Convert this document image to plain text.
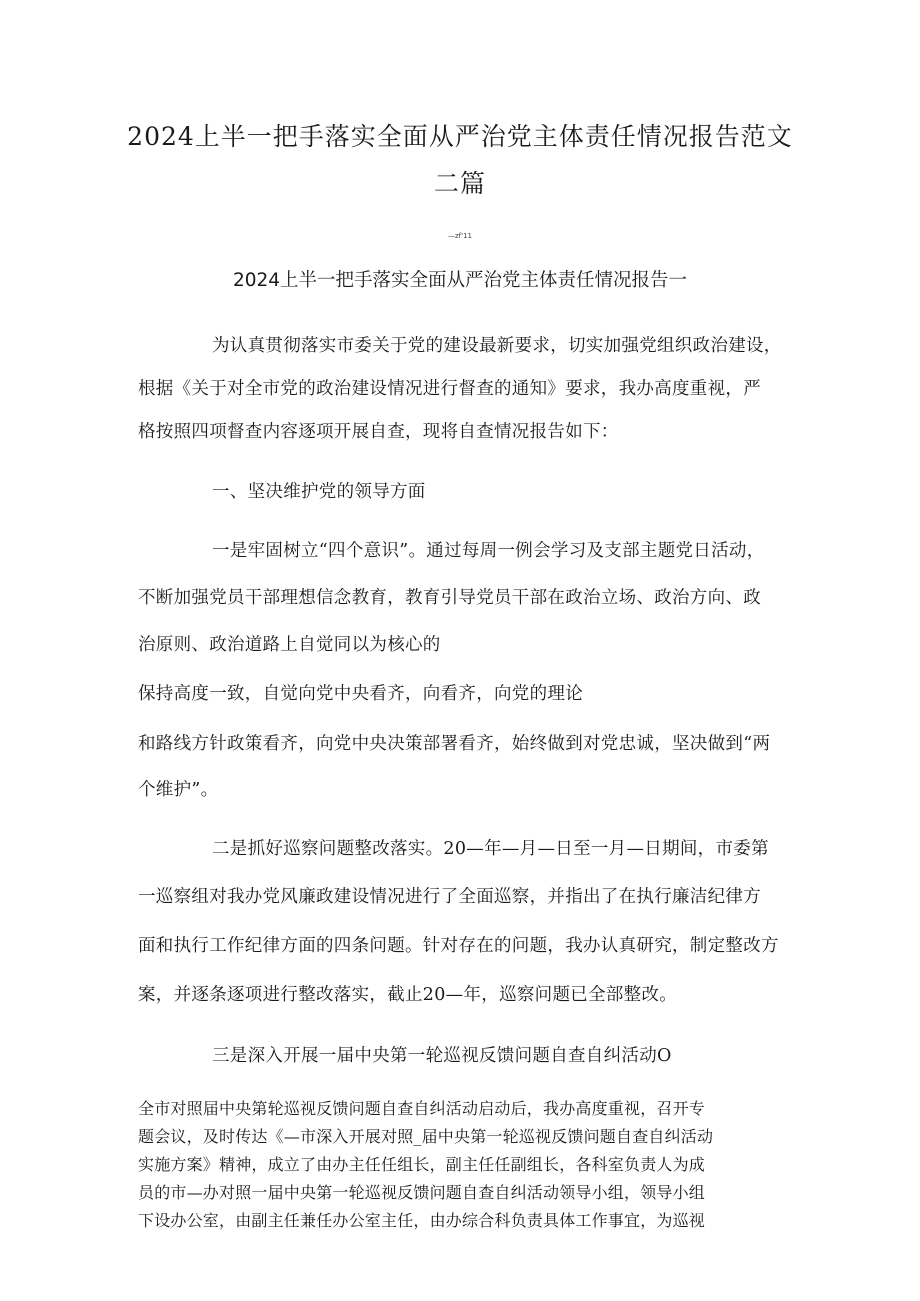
2024上半一把手落实全面从严治党主体责任情况报告范文
二篇
—zf'11
2024上半一把手落实全面从严治党主体责任情况报告一
为认真贯彻落实市委关于党的建设最新要求，切实加强党组织政治建设，
根据《关于对全市党的政治建设情况进行督查的通知》要求，我办高度重视，严
格按照四项督查内容逐项开展自查，现将自查情况报告如下：
一、坚决维护党的领导方面
一是牢固树立“四个意识”。通过每周一例会学习及支部主题党日活动，
不断加强党员干部理想信念教育，教育引导党员干部在政治立场、政治方向、政
治原则、政治道路上自觉同以为核心的
保持高度一致，自觉向党中央看齐，向看齐，向党的理论
和路线方针政策看齐，向党中央决策部署看齐，始终做到对党忠诚，坚决做到“两
个维护”。
二是抓好巡察问题整改落实。20—年—月—日至一月—日期间，市委第
一巡察组对我办党风廉政建设情况进行了全面巡察，并指出了在执行廉洁纪律方
面和执行工作纪律方面的四条问题。针对存在的问题，我办认真研究，制定整改方
案，并逐条逐项进行整改落实，截止20—年，巡察问题已全部整改。
三是深入开展一届中央第一轮巡视反馈问题自查自纠活动O
全市对照届中央第轮巡视反馈问题自查自纠活动启动后，我办高度重视，召开专
题会议，及时传达《—市深入开展对照_届中央第一轮巡视反馈问题自查自纠活动
实施方案》精神，成立了由办主任任组长，副主任任副组长，各科室负责人为成
员的市—办对照一届中央第一轮巡视反馈问题自查自纠活动领导小组，领导小组
下设办公室，由副主任兼任办公室主任，由办综合科负责具体工作事宜，为巡视
